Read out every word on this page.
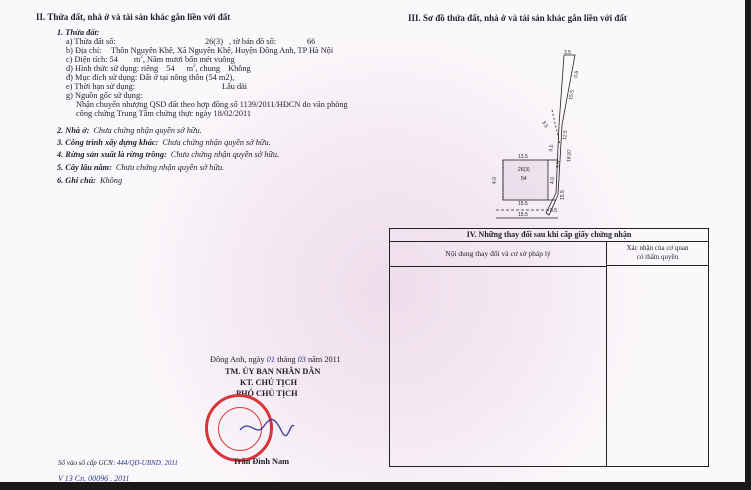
II. Thửa đất, nhà ở và tài sản khác gắn liền với đất
1. Thửa đất:
a) Thửa đất số:	26(3) , tờ bản đồ số:	66
b) Địa chỉ: Thôn Nguyên Khê, Xã Nguyên Khê, Huyện Đông Anh, TP Hà Nội
c) Diện tích: 54 $m^2$, Năm mươi bốn mét vuông
d) Hình thức sử dụng: riêng 54 $m^2$, chung Không
đ) Mục đích sử dụng: Đất ở tại nông thôn (54 m2),
e) Thời hạn sử dụng:	Lâu dài
g) Nguồn gốc sử dụng:
Nhận chuyển nhượng QSD đất theo hợp đồng số 1139/2011/HĐCN do văn phòng
công chứng Trung Tâm chứng thực ngày 18/02/2011
2. Nhà ở: Chưa chứng nhận quyền sở hữu.
3. Công trình xây dựng khác: Chưa chứng nhận quyền sở hữu.
4. Rừng sản xuất là rừng trồng: Chưa chứng nhận quyền sở hữu.
5. Cây lâu năm: Chưa chứng nhận quyền sở hữu.
6. Ghi chú: Không
III. Sơ đồ thửa đất, nhà ở và tài sản khác gắn liền với đất
3.5
0.6
15.5
12.5
18.97
3.5
3.5
13.5
54
15.5
4.0	4.0
3.5
15.5
26(3)
0.5
15.5
IV. Những thay đổi sau khi cấp giấy chứng nhận
Nội dung thay đổi và cơ sở pháp lý
Xác nhận của cơ quan
có thẩm quyền
Đông Anh, ngày 01 tháng 03 năm 2011
TM. ỦY BAN NHÂN DÂN
KT. CHỦ TỊCH
PHÓ CHỦ TỊCH
Trần Đình Nam
Số vào sổ cấp GCN: 444/QĐ-UBND. 2011
V 13 Cn. 00096 . 2011
